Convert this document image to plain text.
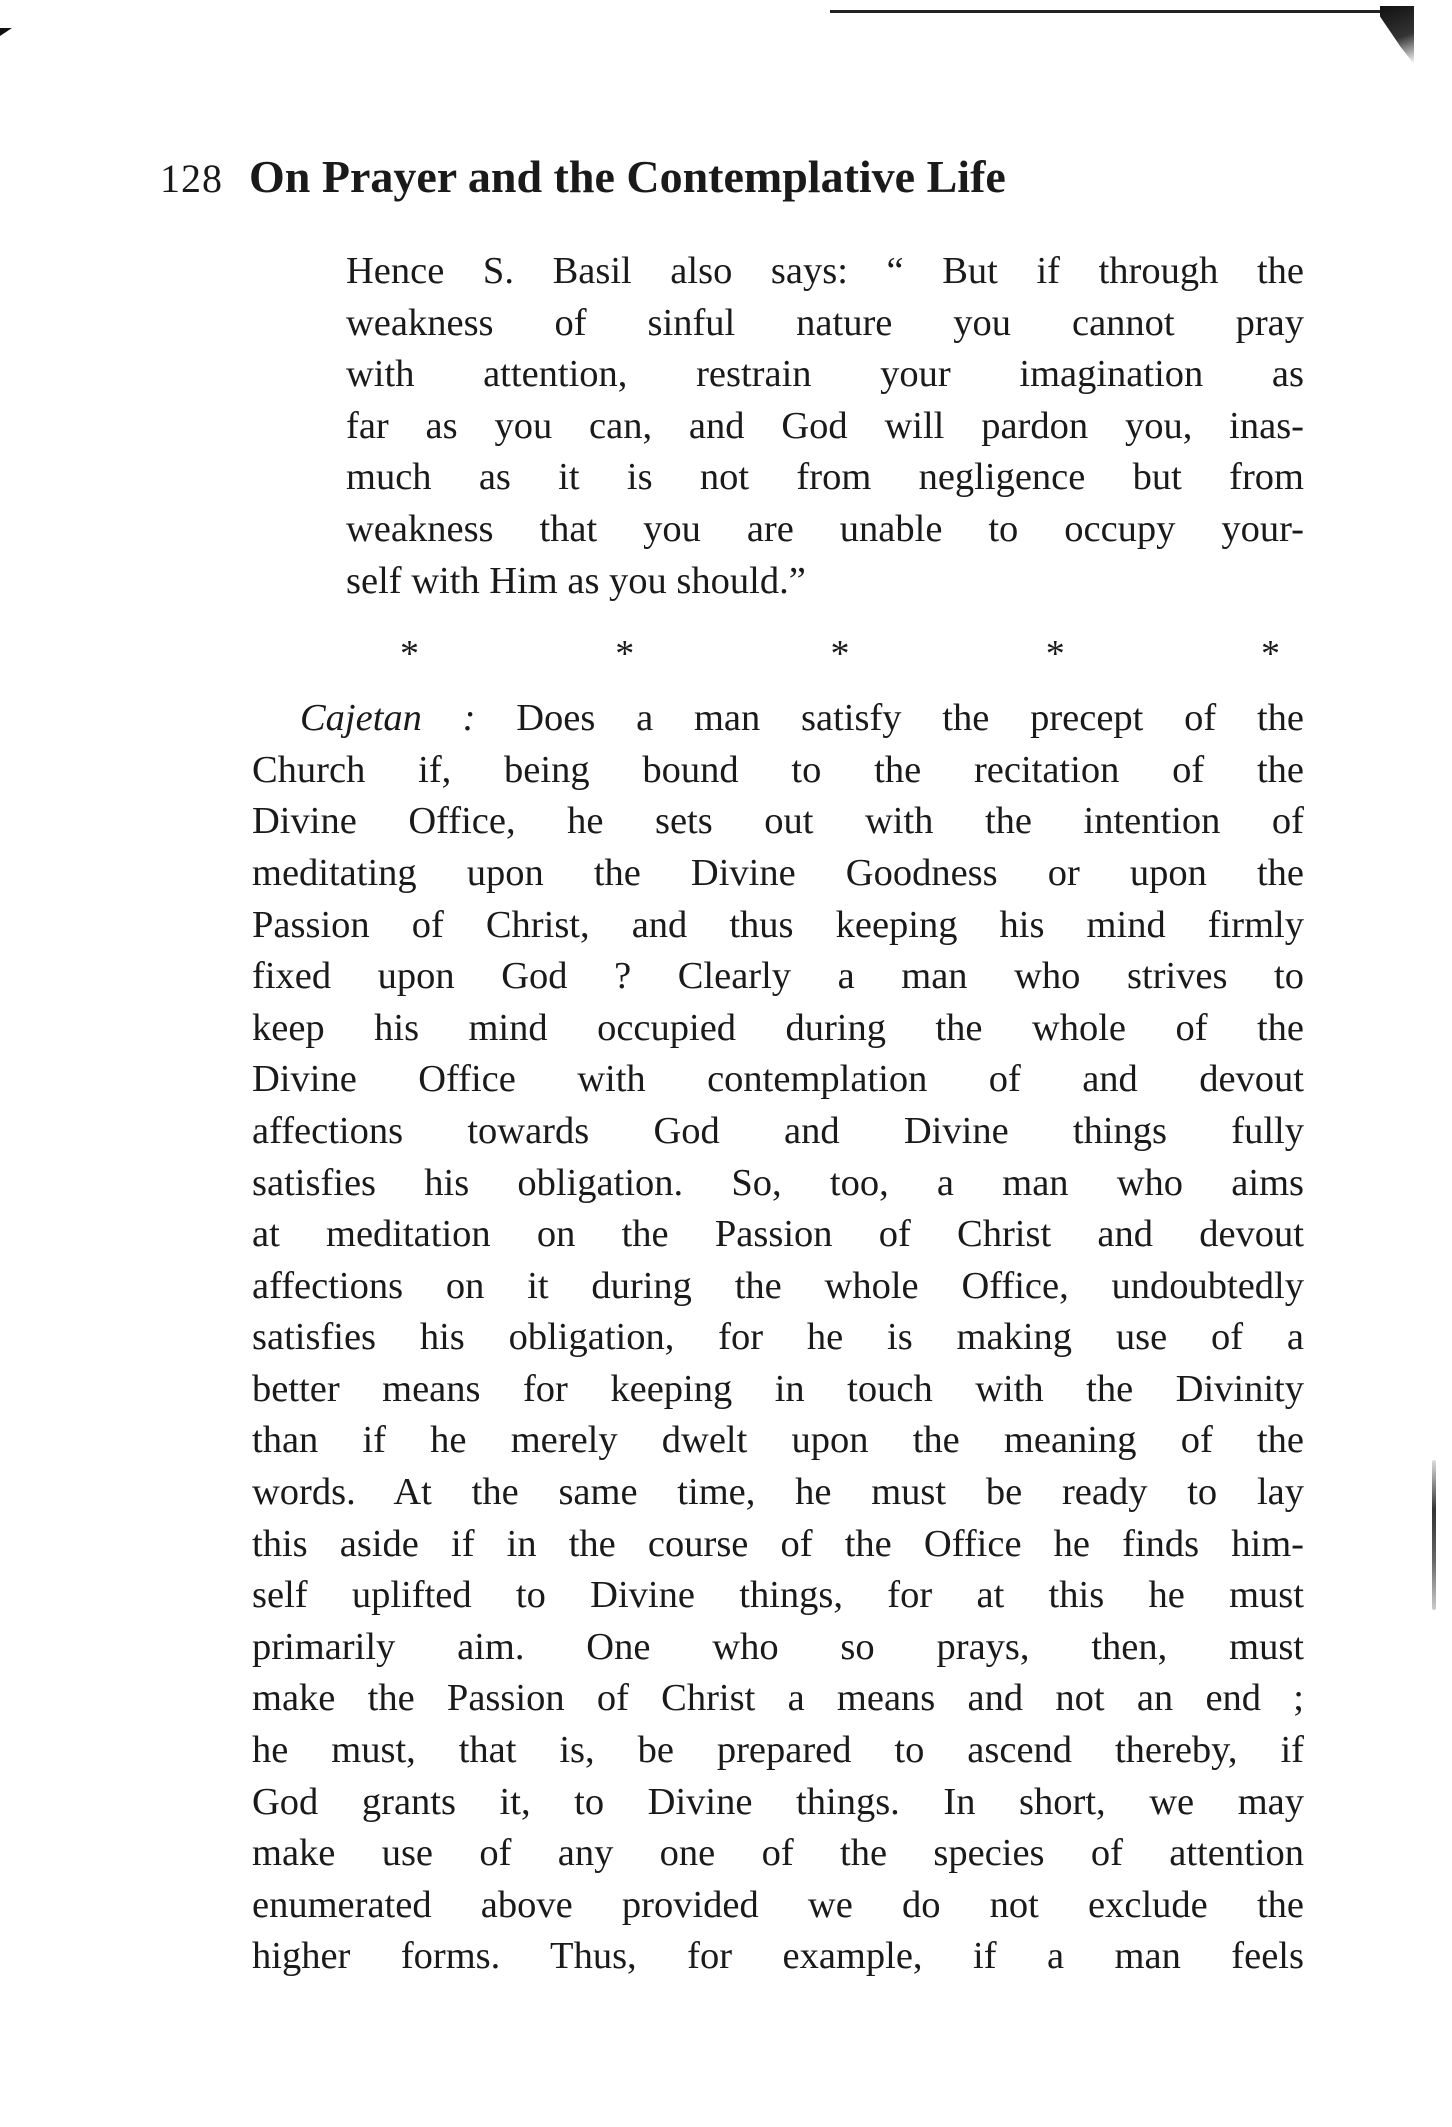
128 On Prayer and the Contemplative Life
Hence S. Basil also says: “ But if through the
weakness of sinful nature you cannot pray
with attention, restrain your imagination as
far as you can, and God will pardon you, inas-
much as it is not from negligence but from
weakness that you are unable to occupy your-
self with Him as you should.”
*	*	*	*	*
Cajetan : Does a man satisfy the precept of the
Church if, being bound to the recitation of the
Divine Office, he sets out with the intention of
meditating upon the Divine Goodness or upon the
Passion of Christ, and thus keeping his mind firmly
fixed upon God ? Clearly a man who strives to
keep his mind occupied during the whole of the
Divine Office with contemplation of and devout
affections towards God and Divine things fully
satisfies his obligation. So, too, a man who aims
at meditation on the Passion of Christ and devout
affections on it during the whole Office, undoubtedly
satisfies his obligation, for he is making use of a
better means for keeping in touch with the Divinity
than if he merely dwelt upon the meaning of the
words. At the same time, he must be ready to lay
this aside if in the course of the Office he finds him-
self uplifted to Divine things, for at this he must
primarily aim. One who so prays, then, must
make the Passion of Christ a means and not an end ;
he must, that is, be prepared to ascend thereby, if
God grants it, to Divine things. In short, we may
make use of any one of the species of attention
enumerated above provided we do not exclude the
higher forms. Thus, for example, if a man feels
